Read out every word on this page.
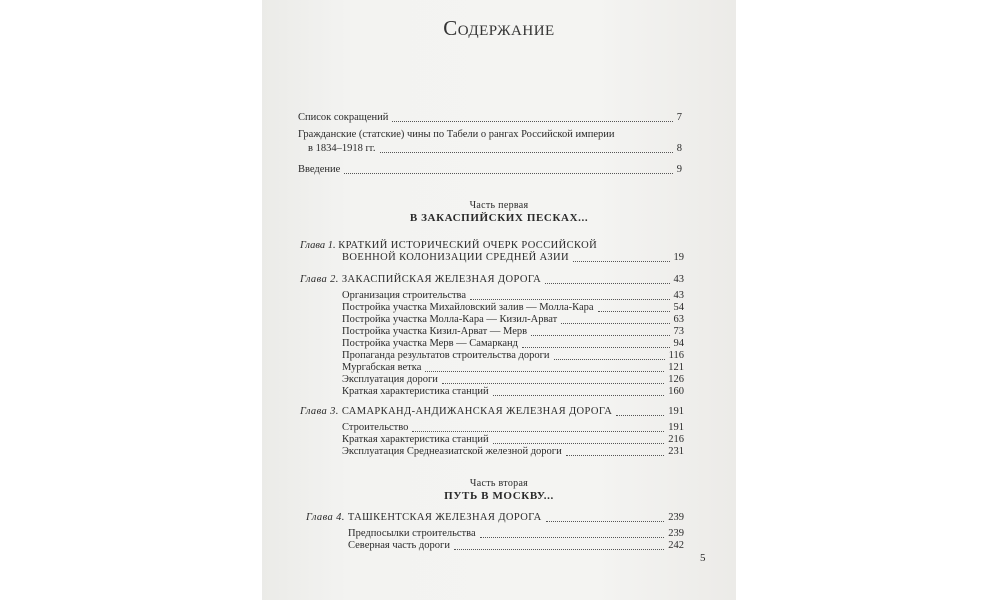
Содержание
Список сокращений	7
Гражданские (статские) чины по Табели о рангах Российской империи
в 1834–1918 гг.	8
Введение	9
Часть первая
В ЗАКАСПИЙСКИХ ПЕСКАХ...
Глава 1. КРАТКИЙ ИСТОРИЧЕСКИЙ ОЧЕРК РОССИЙСКОЙ
ВОЕННОЙ КОЛОНИЗАЦИИ СРЕДНЕЙ АЗИИ	19
Глава 2. ЗАКАСПИЙСКАЯ ЖЕЛЕЗНАЯ ДОРОГА	43
Организация строительства	43
Постройка участка Михайловский залив — Молла-Кара	54
Постройка участка Молла-Кара — Кизил-Арват	63
Постройка участка Кизил-Арват — Мерв	73
Постройка участка Мерв — Самарканд	94
Пропаганда результатов строительства дороги	116
Мургабская ветка	121
Эксплуатация дороги	126
Краткая характеристика станций	160
Глава 3. САМАРКАНД-АНДИЖАНСКАЯ ЖЕЛЕЗНАЯ ДОРОГА	191
Строительство	191
Краткая характеристика станций	216
Эксплуатация Среднеазиатской железной дороги	231
Часть вторая
ПУТЬ В МОСКВУ...
Глава 4. ТАШКЕНТСКАЯ ЖЕЛЕЗНАЯ ДОРОГА	239
Предпосылки строительства	239
Северная часть дороги	242
5
